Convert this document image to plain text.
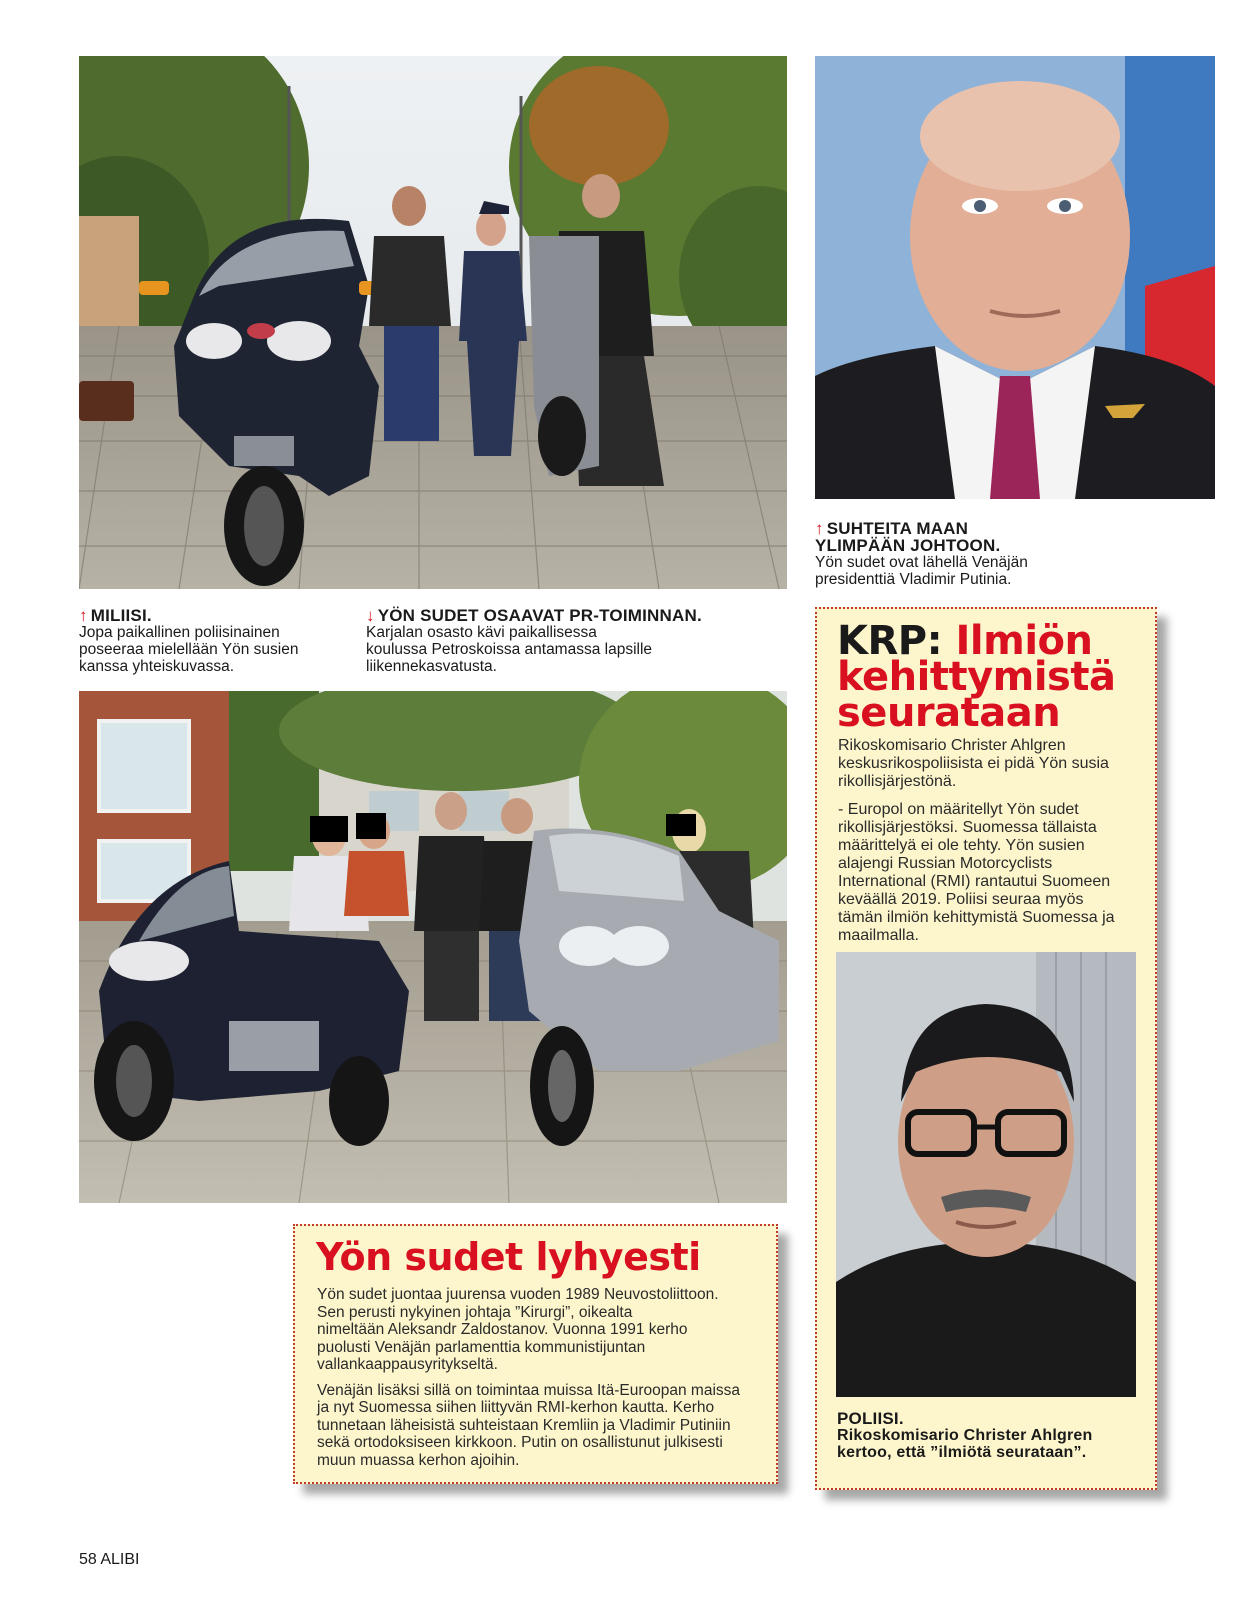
↑ MILIISI.
Jopa paikallinen poliisinainen
poseeraa mielellään Yön susien
kanssa yhteiskuvassa.
↓ YÖN SUDET OSAAVAT PR-TOIMINNAN.
Karjalan osasto kävi paikallisessa
koulussa Petroskoissa antamassa lapsille
liikennekasvatusta.
↑ SUHTEITA MAAN
YLIMPÄÄN JOHTOON.
Yön sudet ovat lähellä Venäjän
presidenttiä Vladimir Putinia.
KRP: Ilmiön
kehittymistä
seurataan

Rikoskomisario Christer Ahlgren
keskusrikospoliisista ei pidä Yön susia
rikollisjärjestönä.

- Europol on määritellyt Yön sudet
rikollisjärjestöksi. Suomessa tällaista
määrittelyä ei ole tehty. Yön susien
alajengi Russian Motorcyclists
International (RMI) rantautui Suomeen
keväällä 2019. Poliisi seuraa myös
tämän ilmiön kehittymistä Suomessa ja
maailmalla.

POLIISI.
Rikoskomisario Christer Ahlgren
kertoo, että ”ilmiötä seurataan”.
Yön sudet lyhyesti

Yön sudet juontaa juurensa vuoden 1989 Neuvostoliittoon.
Sen perusti nykyinen johtaja ”Kirurgi”, oikealta
nimeltään Aleksandr Zaldostanov. Vuonna 1991 kerho
puolusti Venäjän parlamenttia kommunistijuntan
vallankaappausyritykseltä.

Venäjän lisäksi sillä on toimintaa muissa Itä-Euroopan maissa
ja nyt Suomessa siihen liittyvän RMI-kerhon kautta. Kerho
tunnetaan läheisistä suhteistaan Kremliin ja Vladimir Putiniin
sekä ortodoksiseen kirkkoon. Putin on osallistunut julkisesti
muun muassa kerhon ajoihin.

58 ALIBI
